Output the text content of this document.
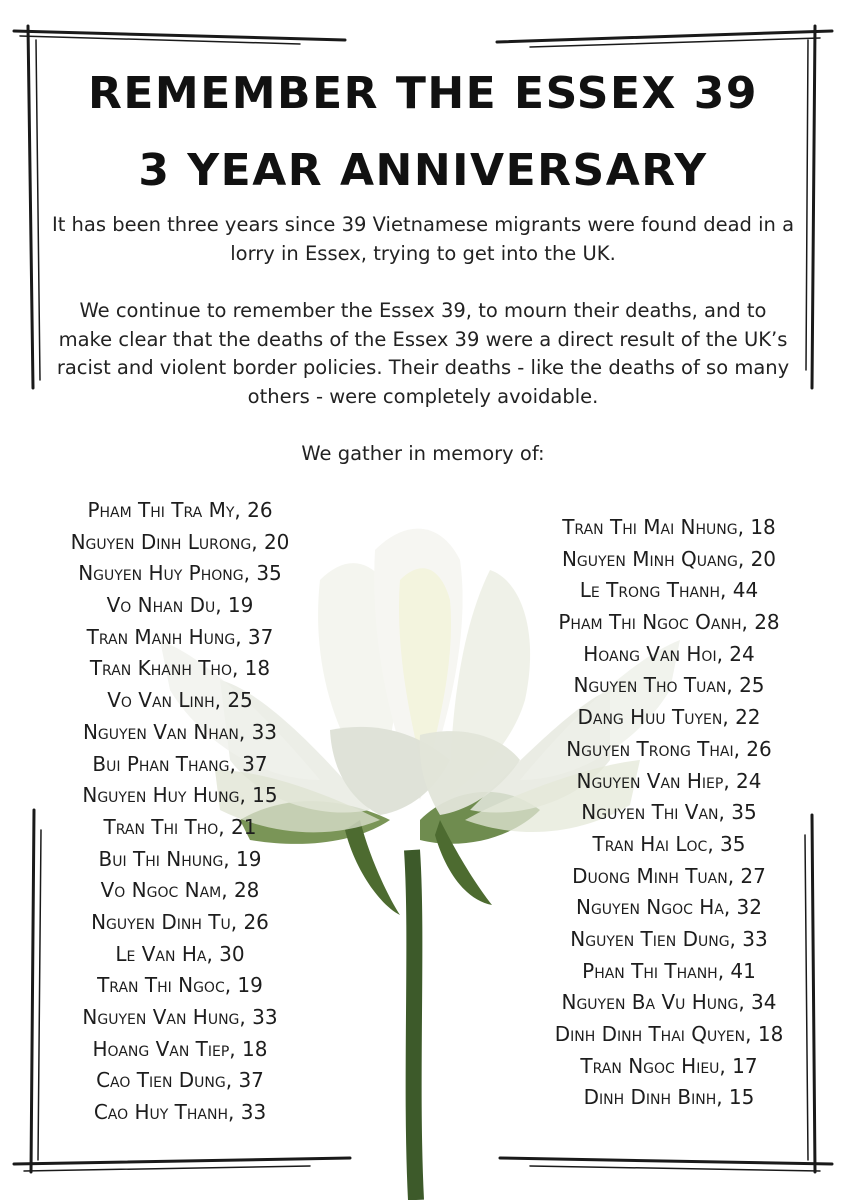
REMEMBER THE ESSEX 39
3 YEAR ANNIVERSARY

It has been three years since 39 Vietnamese migrants were found dead in a lorry in Essex, trying to get into the UK.

We continue to remember the Essex 39, to mourn their deaths, and to make clear that the deaths of the Essex 39 were a direct result of the UK’s racist and violent border policies. Their deaths - like the deaths of so many others - were completely avoidable.

We gather in memory of:

Pham Thi Tra My, 26
Nguyen Dinh Lurong, 20
Nguyen Huy Phong, 35
Vo Nhan Du, 19
Tran Manh Hung, 37
Tran Khanh Tho, 18
Vo Van Linh, 25
Nguyen Van Nhan, 33
Bui Phan Thang, 37
Nguyen Huy Hung, 15
Tran Thi Tho, 21
Bui Thi Nhung, 19
Vo Ngoc Nam, 28
Nguyen Dinh Tu, 26
Le Van Ha, 30
Tran Thi Ngoc, 19
Nguyen Van Hung, 33
Hoang Van Tiep, 18
Cao Tien Dung, 37
Cao Huy Thanh, 33
Tran Thi Mai Nhung, 18
Nguyen Minh Quang, 20
Le Trong Thanh, 44
Pham Thi Ngoc Oanh, 28
Hoang Van Hoi, 24
Nguyen Tho Tuan, 25
Dang Huu Tuyen, 22
Nguyen Trong Thai, 26
Nguyen Van Hiep, 24
Nguyen Thi Van, 35
Tran Hai Loc, 35
Duong Minh Tuan, 27
Nguyen Ngoc Ha, 32
Nguyen Tien Dung, 33
Phan Thi Thanh, 41
Nguyen Ba Vu Hung, 34
Dinh Dinh Thai Quyen, 18
Tran Ngoc Hieu, 17
Dinh Dinh Binh, 15
